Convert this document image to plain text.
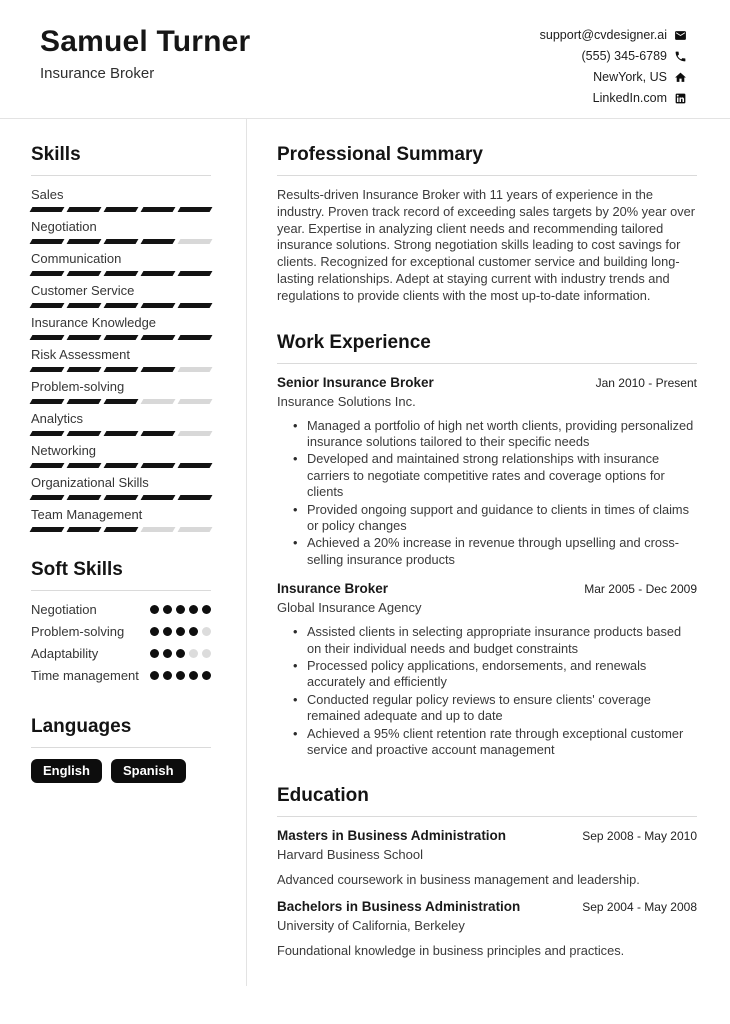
Samuel Turner
Insurance Broker
support@cvdesigner.ai
(555) 345-6789
NewYork, US
LinkedIn.com
Skills
Sales
Negotiation
Communication
Customer Service
Insurance Knowledge
Risk Assessment
Problem-solving
Analytics
Networking
Organizational Skills
Team Management
Soft Skills
Negotiation
Problem-solving
Adaptability
Time management
Languages
English	Spanish
Professional Summary

Results-driven Insurance Broker with 11 years of experience in the industry. Proven track record of exceeding sales targets by 20% year over year. Expertise in analyzing client needs and recommending tailored insurance solutions. Strong negotiation skills leading to cost savings for clients. Recognized for exceptional customer service and building long-lasting relationships. Adept at staying current with industry trends and regulations to provide clients with the most up-to-date information.

Work Experience
Senior Insurance Broker	Jan 2010 - Present
Insurance Solutions Inc.
• Managed a portfolio of high net worth clients, providing personalized insurance solutions tailored to their specific needs
• Developed and maintained strong relationships with insurance carriers to negotiate competitive rates and coverage options for clients
• Provided ongoing support and guidance to clients in times of claims or policy changes
• Achieved a 20% increase in revenue through upselling and cross-selling insurance products
Insurance Broker	Mar 2005 - Dec 2009
Global Insurance Agency
• Assisted clients in selecting appropriate insurance products based on their individual needs and budget constraints
• Processed policy applications, endorsements, and renewals accurately and efficiently
• Conducted regular policy reviews to ensure clients' coverage remained adequate and up to date
• Achieved a 95% client retention rate through exceptional customer service and proactive account management
Education
Masters in Business Administration	Sep 2008 - May 2010
Harvard Business School

Advanced coursework in business management and leadership.

Bachelors in Business Administration	Sep 2004 - May 2008
University of California, Berkeley

Foundational knowledge in business principles and practices.
